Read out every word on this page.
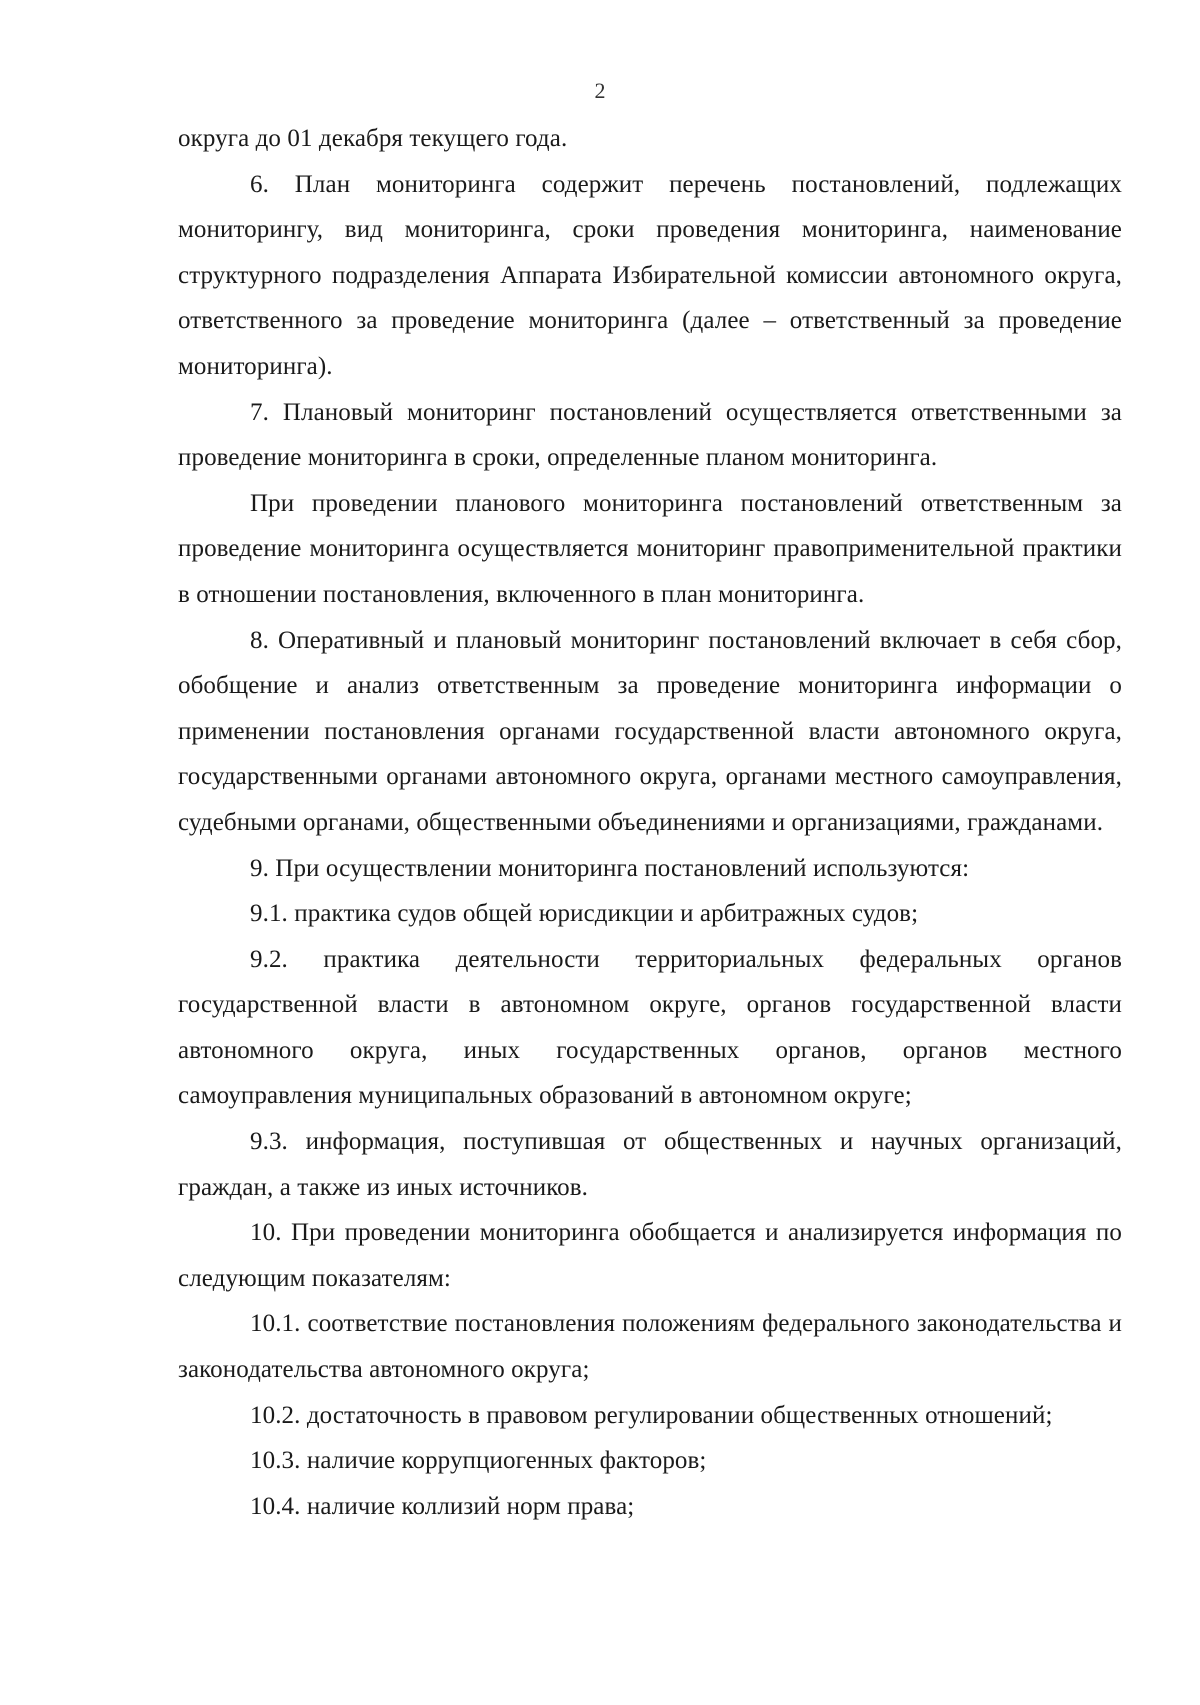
2

округа до 01 декабря текущего года.

6. План мониторинга содержит перечень постановлений, подлежащих мониторингу, вид мониторинга, сроки проведения мониторинга, наименование структурного подразделения Аппарата Избирательной комиссии автономного округа, ответственного за проведение мониторинга (далее – ответственный за проведение мониторинга).

7. Плановый мониторинг постановлений осуществляется ответственными за проведение мониторинга в сроки, определенные планом мониторинга.

При проведении планового мониторинга постановлений ответственным за проведение мониторинга осуществляется мониторинг правоприменительной практики в отношении постановления, включенного в план мониторинга.

8. Оперативный и плановый мониторинг постановлений включает в себя сбор, обобщение и анализ ответственным за проведение мониторинга информации о применении постановления органами государственной власти автономного округа, государственными органами автономного округа, органами местного самоуправления, судебными органами, общественными объединениями и организациями, гражданами.

9. При осуществлении мониторинга постановлений используются:

9.1. практика судов общей юрисдикции и арбитражных судов;

9.2. практика деятельности территориальных федеральных органов государственной власти в автономном округе, органов государственной власти автономного округа, иных государственных органов, органов местного самоуправления муниципальных образований в автономном округе;

9.3. информация, поступившая от общественных и научных организаций, граждан, а также из иных источников.

10. При проведении мониторинга обобщается и анализируется информация по следующим показателям:

10.1. соответствие постановления положениям федерального законодательства и законодательства автономного округа;

10.2. достаточность в правовом регулировании общественных отношений;

10.3. наличие коррупциогенных факторов;

10.4. наличие коллизий норм права;
